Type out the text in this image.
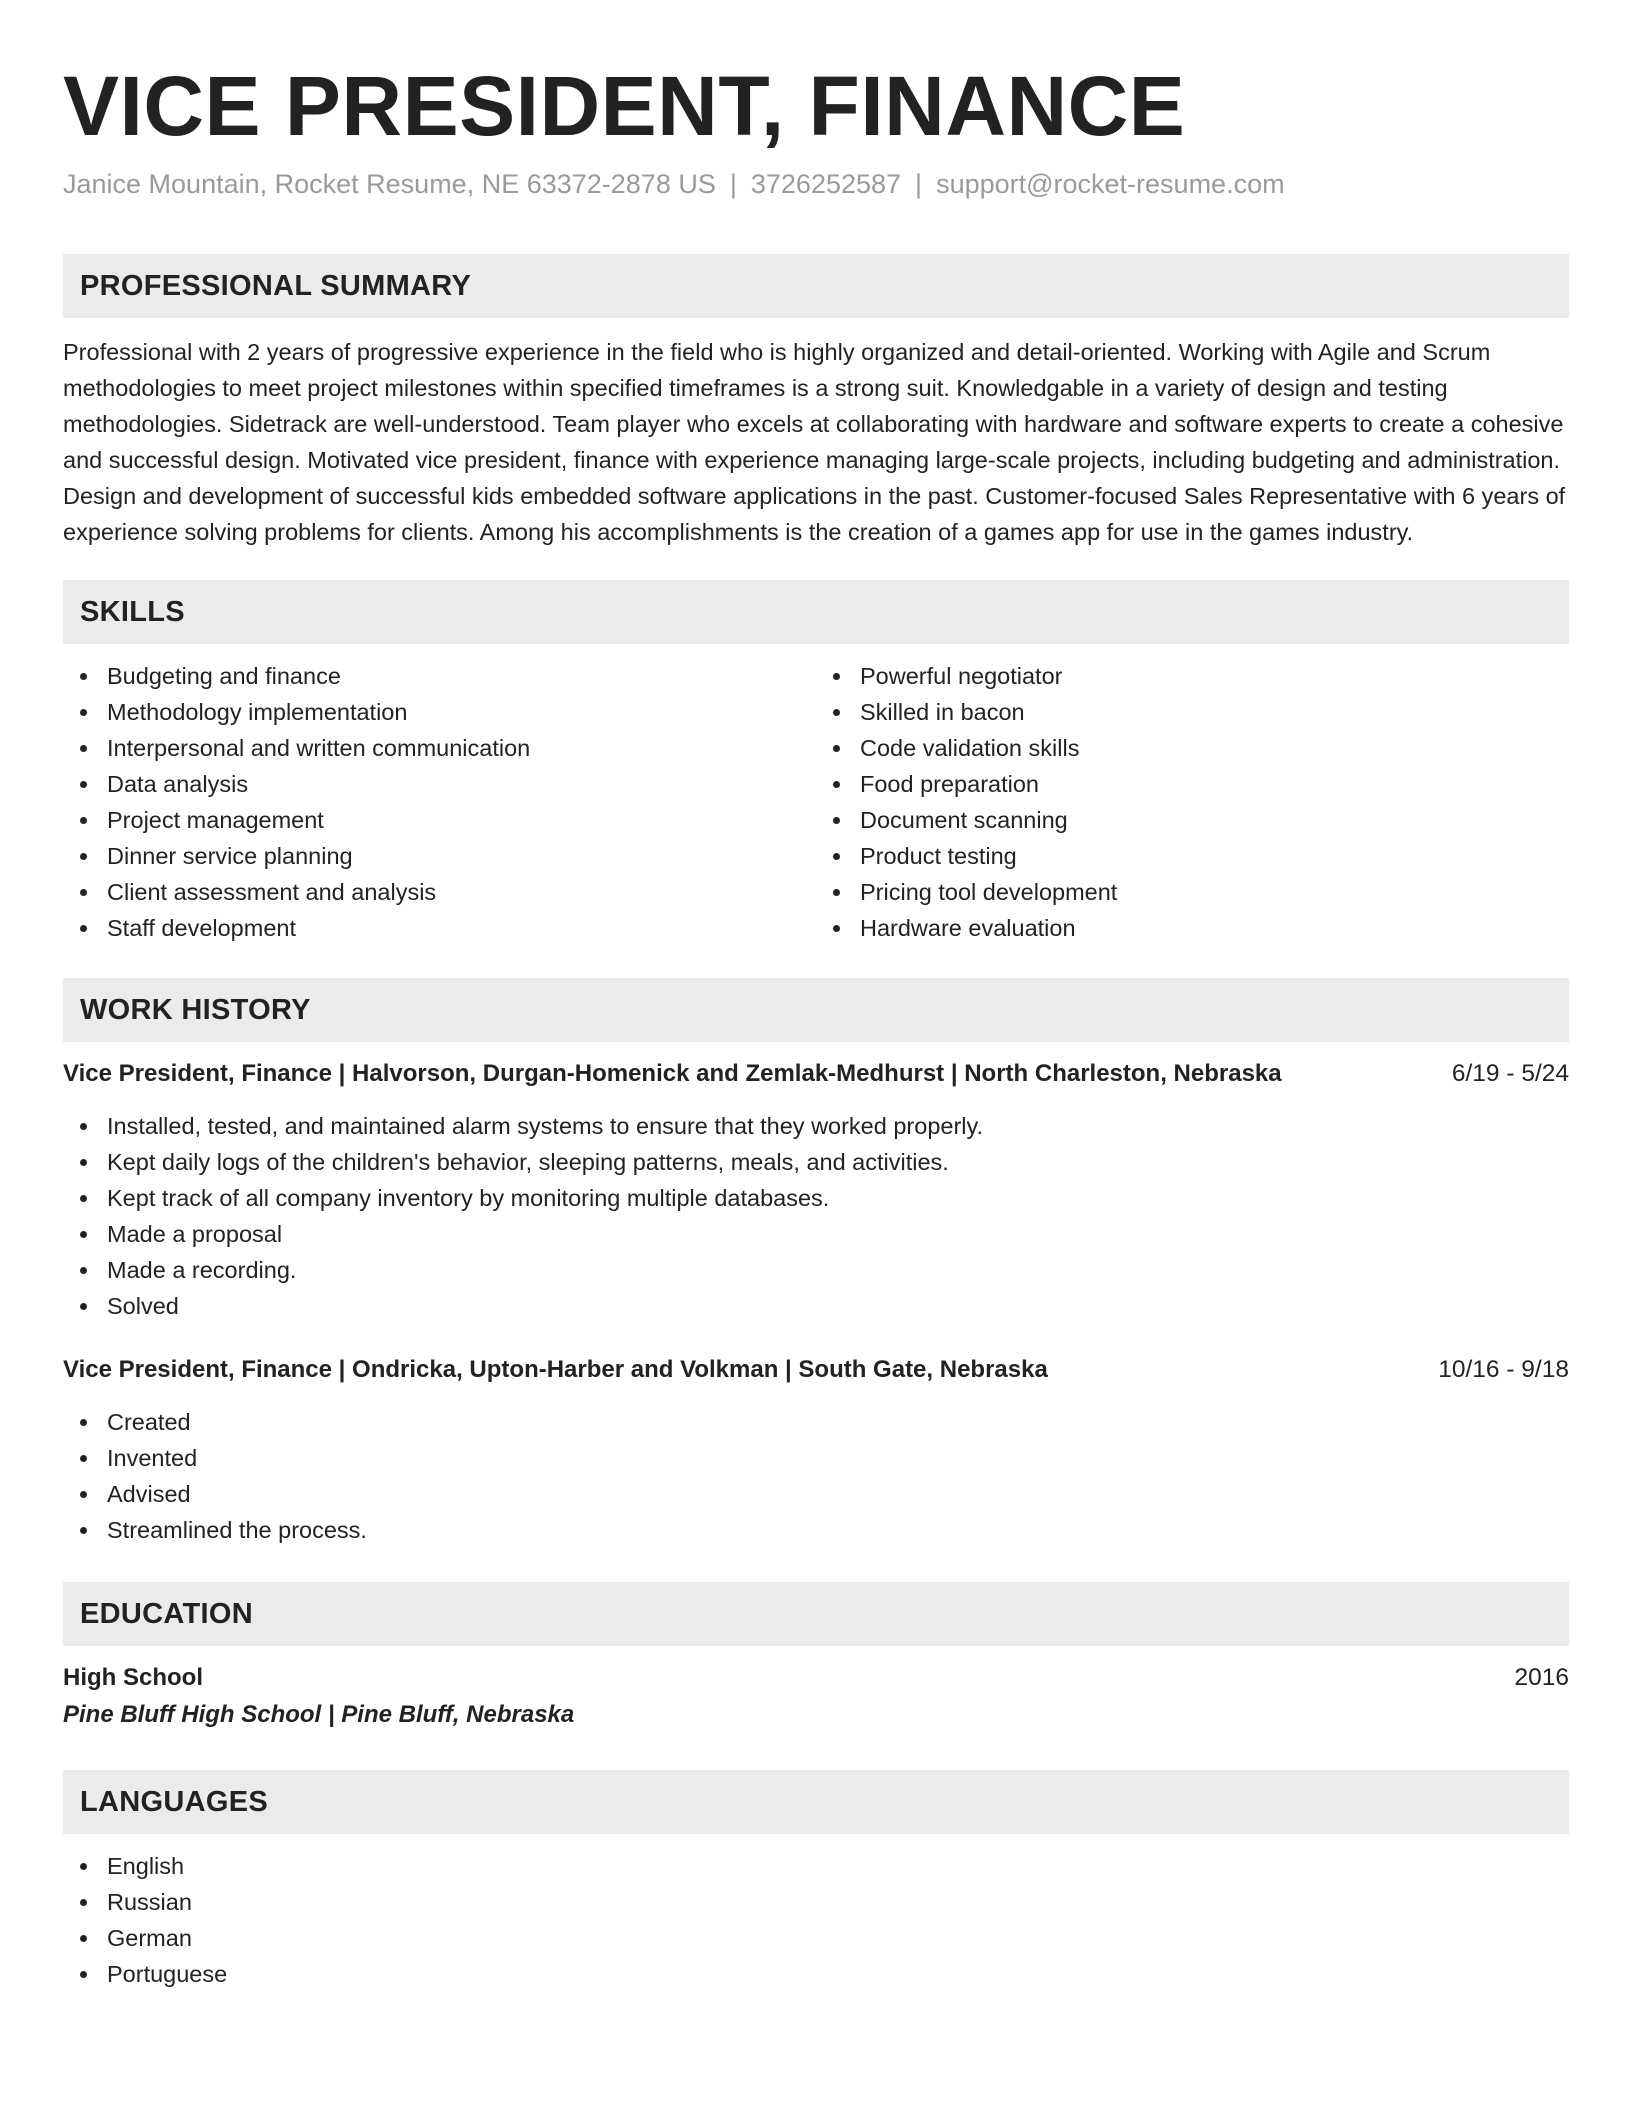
VICE PRESIDENT, FINANCE
Janice Mountain, Rocket Resume, NE 63372-2878 US | 3726252587 | support@rocket-resume.com
PROFESSIONAL SUMMARY

Professional with 2 years of progressive experience in the field who is highly organized and detail-oriented. Working with Agile and Scrum methodologies to meet project milestones within specified timeframes is a strong suit. Knowledgable in a variety of design and testing methodologies. Sidetrack are well-understood. Team player who excels at collaborating with hardware and software experts to create a cohesive and successful design. Motivated vice president, finance with experience managing large-scale projects, including budgeting and administration. Design and development of successful kids embedded software applications in the past. Customer-focused Sales Representative with 6 years of experience solving problems for clients. Among his accomplishments is the creation of a games app for use in the games industry.

SKILLS
Budgeting and finance
Methodology implementation
Interpersonal and written communication
Data analysis
Project management
Dinner service planning
Client assessment and analysis
Staff development
Powerful negotiator
Skilled in bacon
Code validation skills
Food preparation
Document scanning
Product testing
Pricing tool development
Hardware evaluation
WORK HISTORY
Vice President, Finance | Halvorson, Durgan-Homenick and Zemlak-Medhurst | North Charleston, Nebraska	6/19 - 5/24
Installed, tested, and maintained alarm systems to ensure that they worked properly.
Kept daily logs of the children's behavior, sleeping patterns, meals, and activities.
Kept track of all company inventory by monitoring multiple databases.
Made a proposal
Made a recording.
Solved
Vice President, Finance | Ondricka, Upton-Harber and Volkman | South Gate, Nebraska	10/16 - 9/18
Created
Invented
Advised
Streamlined the process.
EDUCATION
High School	2016
Pine Bluff High School | Pine Bluff, Nebraska
LANGUAGES
English
Russian
German
Portuguese
